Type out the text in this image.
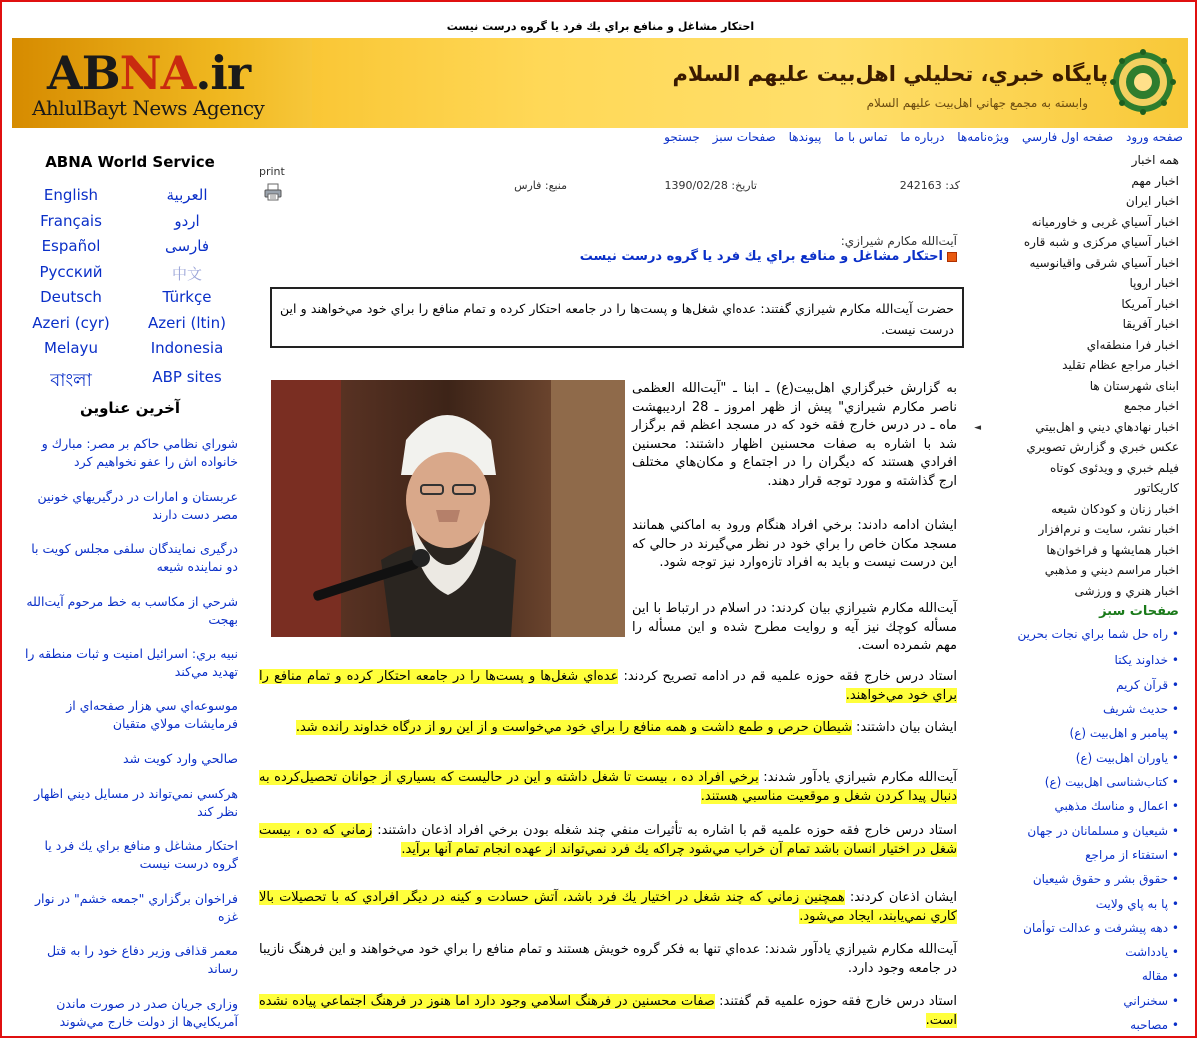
احتكار مشاغل و منافع براي يك فرد يا گروه درست نيست
ABNA.ir
AhlulBayt News Agency
پايگاه خبري، تحليلي اهل‌بيت عليهم السلام
وابسته به مجمع جهاني اهل‌بيت عليهم السلام
صفحه ورود صفحه اول فارسي ويژه‌نامه‌ها درباره ما تماس با ما پيوندها صفحات سبز جستجو
ABNA World Service
English	العربية
Français	اردو
Español	فارسی
Русский	中文
Deutsch	Türkçe
Azeri (cyr)	Azeri (ltin)
Melayu	Indonesia
বাংলা	ABP sites
آخرين عناوين
شوراي نظامي حاكم بر مصر: مبارك و خانواده اش را عفو نخواهيم كرد
عربستان و امارات در درگيريهاي خونين مصر دست دارند
درگيری نمايندگان سلفی مجلس كويت با دو نماينده شيعه
شرحي از مكاسب به خط مرحوم آيت‌الله بهجت
نبيه بري: اسرائيل امنيت و ثبات منطقه را تهديد مي‌كند
موسوعه‌اي سي هزار صفحه‌اي از فرمايشات مولاي متقيان
صالحي وارد كويت شد
هركسي نمي‌تواند در مسايل ديني اظهار نظر كند
احتكار مشاغل و منافع براي يك فرد يا گروه درست نيست
فراخوان برگزاري "جمعه خشم" در نوار غزه
معمر قذافی وزير دفاع خود را به قتل رساند
وزارى جريان صدر در صورت ماندن آمريكايي‌ها از دولت خارج مي‌شوند
همه اخبار
اخبار مهم
اخبار ايران
اخبار آسياي غربی و خاورميانه
اخبار آسياي مركزی و شبه قاره
اخبار آسياي شرقی واقيانوسيه
اخبار اروپا
اخبار آمريكا
اخبار آفريقا
اخبار فرا منطقه‌اي
اخبار مراجع عظام تقليد
ابنای شهرستان ها
اخبار مجمع
اخبار نهادهاي ديني و اهل‌بيتي
عكس خبري و گزارش تصويري
فيلم خبري و ويدئوی كوتاه
كاريكاتور
اخبار زنان و كودكان شيعه
اخبار نشر، سايت و نرم‌افزار
اخبار همايشها و فراخوان‌ها
اخبار مراسم ديني و مذهبي
اخبار هنري و ورزشی
◄
صفحات سبز
• راه حل شما براي نجات بحرين
• خداوند يكتا
• قرآن كريم
• حديث شريف
• پيامبر و اهل‌بيت (ع)
• ياوران اهل‌بيت (ع)
• كتاب‌شناسی اهل‌بيت (ع)
• اعمال و مناسك مذهبي
• شيعيان و مسلمانان در جهان
• استفتاء از مراجع
• حقوق بشر و حقوق شيعيان
• پا به پاي ولايت
• دهه پيشرفت و عدالت توأمان
• يادداشت
• مقاله
• سخنراني
• مصاحبه
print
كد: 242163
تاريخ: 1390/02/28
منبع: فارس
آيت‌الله مكارم شيرازي:
احتكار مشاغل و منافع براي يك فرد يا گروه درست نيست
حضرت آيت‌الله مكارم شيرازي گفتند: عده‌اي شغل‌ها و پست‌ها را در جامعه احتكار كرده و تمام منافع را براي خود مي‌خواهند و اين درست نيست.
به گزارش خبرگزاري اهل‌بيت(ع) ـ ابنا ـ "آيت‌الله العظمی ناصر مكارم شيرازي" پيش از ظهر امروز ـ 28 ارديبهشت ماه ـ در درس خارج فقه خود كه در مسجد اعظم قم برگزار شد با اشاره به صفات محسنين اظهار داشتند: محسنين افرادي هستند كه ديگران را در اجتماع و مكان‌هاي مختلف ارج گذاشته و مورد توجه قرار دهند.
ايشان ادامه دادند: برخي افراد هنگام ورود به اماكني همانند مسجد مكان خاص را براي خود در نظر مي‌گيرند در حالي كه اين درست نيست و بايد به افراد تازه‌وارد نيز توجه شود.
آيت‌الله مكارم شيرازي بيان كردند: در اسلام در ارتباط با اين مسأله كوچك نيز آيه و روايت مطرح شده و اين مسأله را مهم شمرده است.
استاد درس خارج فقه حوزه علميه قم در ادامه تصريح كردند: عده‌اي شغل‌ها و پست‌ها را در جامعه احتكار كرده و تمام منافع را براي خود مي‌خواهند.
ايشان بيان داشتند: شيطان حرص و طمع داشت و همه منافع را براي خود مي‌خواست و از اين رو از درگاه خداوند رانده شد.
آيت‌الله مكارم شيرازي يادآور شدند: برخي افراد ده ، بيست تا شغل داشته و اين در حاليست كه بسياري از جوانان تحصيل‌كرده به دنبال پيدا كردن شغل و موقعيت مناسبي هستند.
استاد درس خارج فقه حوزه علميه قم با اشاره به تأثيرات منفي چند شغله بودن برخي افراد اذعان داشتند: زماني كه ده ، بيست شغل در اختيار انسان باشد تمام آن خراب مي‌شود چراكه يك فرد نمي‌تواند از عهده انجام تمام آنها برآيد.
ايشان اذعان كردند: همچنين زماني كه چند شغل در اختيار يك فرد باشد، آتش حسادت و كينه در ديگر افرادي كه با تحصيلات بالا كاري نمي‌يابند، ايجاد مي‌شود.
آيت‌الله مكارم شيرازي يادآور شدند: عده‌اي تنها به فكر گروه خويش هستند و تمام منافع را براي خود مي‌خواهند و اين فرهنگ نازيبا در جامعه وجود دارد.
استاد درس خارج فقه حوزه علميه قم گفتند: صفات محسنين در فرهنگ اسلامي وجود دارد اما هنوز در فرهنگ اجتماعي پياده نشده است.
